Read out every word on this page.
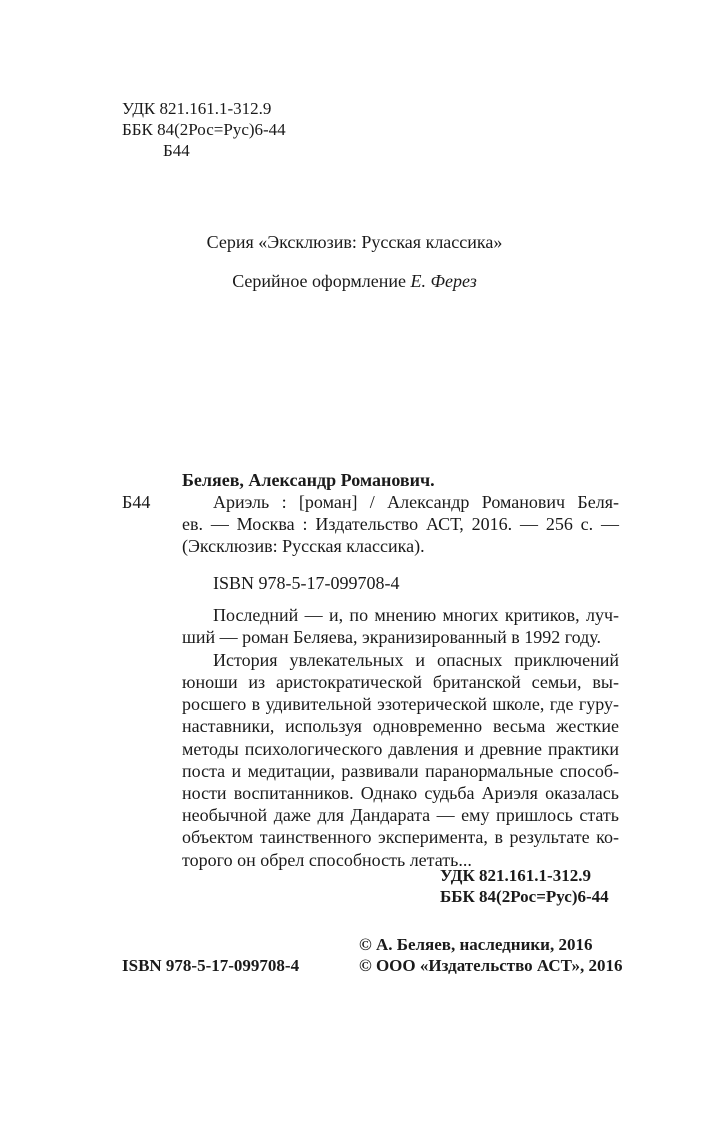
УДК 821.161.1-312.9
ББК 84(2Рос=Рус)6-44
Б44
Серия «Эксклюзив: Русская классика»
Серийное оформление Е. Ферез
Беляев, Александр Романович.
Б44	Ариэль : [роман] / Александр Романович Беля-
ев. — Москва : Издательство АСТ, 2016. — 256 с. —
(Эксклюзив: Русская классика).
ISBN 978-5-17-099708-4
Последний — и, по мнению многих критиков, луч-
ший — роман Беляева, экранизированный в 1992 году.
История увлекательных и опасных приключений
юноши из аристократической британской семьи, вы-
росшего в удивительной эзотерической школе, где гуру-
наставники, используя одновременно весьма жесткие
методы психологического давления и древние практики
поста и медитации, развивали паранормальные способ-
ности воспитанников. Однако судьба Ариэля оказалась
необычной даже для Дандарата — ему пришлось стать
объектом таинственного эксперимента, в результате ко-
торого он обрел способность летать...
УДК 821.161.1-312.9
ББК 84(2Рос=Рус)6-44
© А. Беляев, наследники, 2016
ISBN 978-5-17-099708-4	© ООО «Издательство АСТ», 2016
